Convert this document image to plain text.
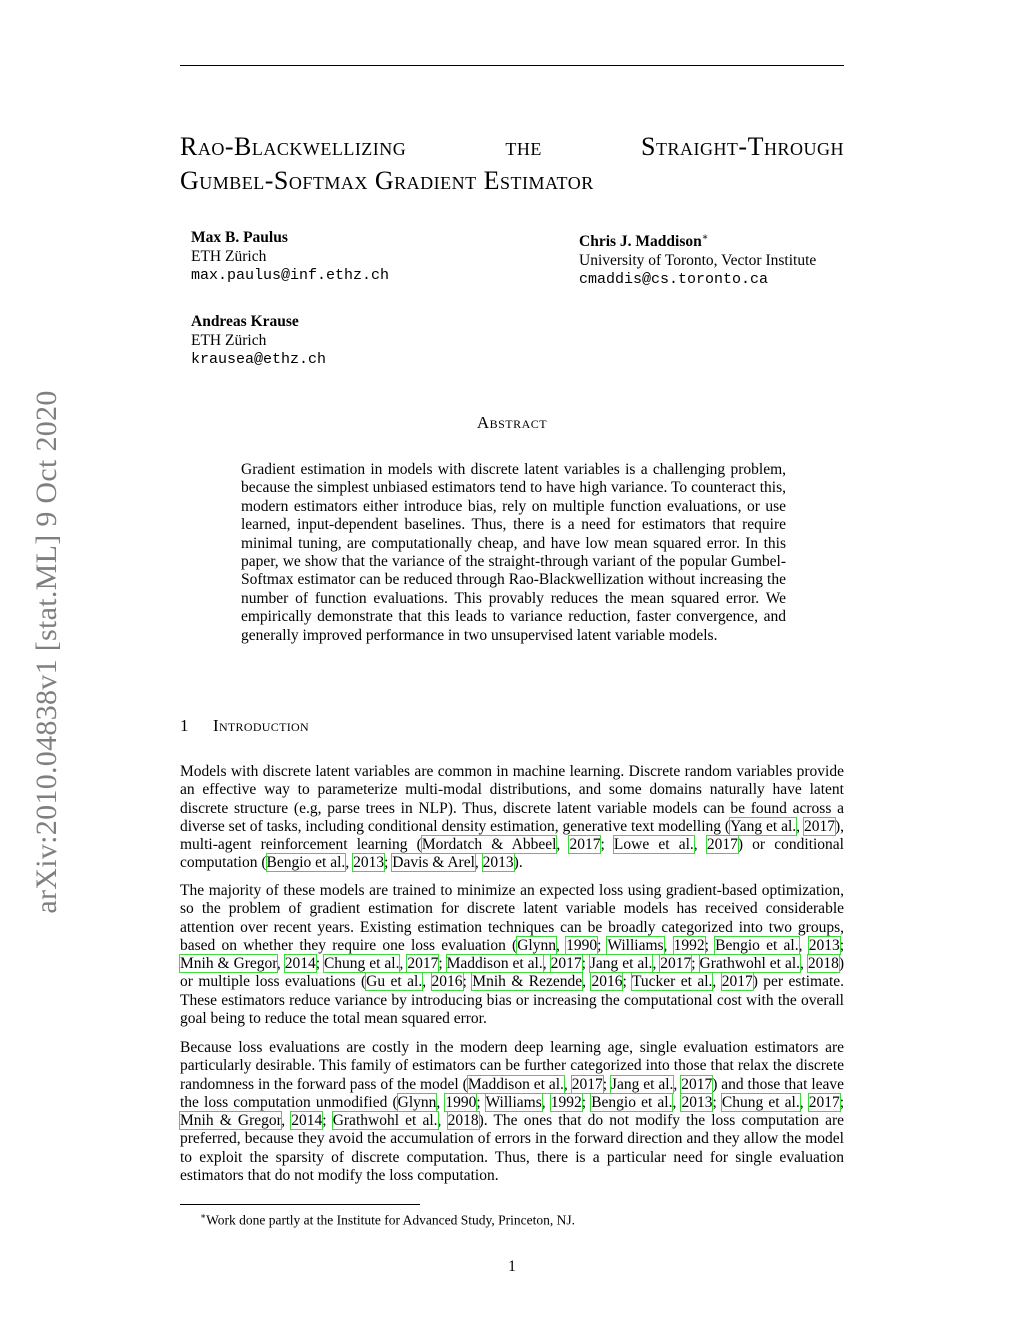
arXiv:2010.04838v1 [stat.ML] 9 Oct 2020
Rao-Blackwellizing	the	Straight-Through
Gumbel-Softmax Gradient Estimator
Max B. Paulus
ETH Zürich
max.paulus@inf.ethz.ch
Chris J. Maddison∗
University of Toronto, Vector Institute
cmaddis@cs.toronto.ca
Andreas Krause
ETH Zürich
krausea@ethz.ch
Abstract
Gradient estimation in models with discrete latent variables is a challenging problem, because the simplest unbiased estimators tend to have high variance. To counteract this, modern estimators either introduce bias, rely on multiple function evaluations, or use learned, input-dependent baselines. Thus, there is a need for estimators that require minimal tuning, are computationally cheap, and have low mean squared error. In this paper, we show that the variance of the straight-through variant of the popular Gumbel-Softmax estimator can be reduced through Rao-Blackwellization without increasing the number of function evaluations. This provably reduces the mean squared error. We empirically demonstrate that this leads to variance reduction, faster convergence, and generally improved performance in two unsupervised latent variable models.
1 Introduction
Models with discrete latent variables are common in machine learning. Discrete random variables provide an effective way to parameterize multi-modal distributions, and some domains naturally have latent discrete structure (e.g, parse trees in NLP). Thus, discrete latent variable models can be found across a diverse set of tasks, including conditional density estimation, generative text modelling (Yang et al., 2017), multi-agent reinforcement learning (Mordatch & Abbeel, 2017; Lowe et al., 2017) or conditional computation (Bengio et al., 2013; Davis & Arel, 2013).
The majority of these models are trained to minimize an expected loss using gradient-based optimization, so the problem of gradient estimation for discrete latent variable models has received considerable attention over recent years. Existing estimation techniques can be broadly categorized into two groups, based on whether they require one loss evaluation (Glynn, 1990; Williams, 1992; Bengio et al., 2013; Mnih & Gregor, 2014; Chung et al., 2017; Maddison et al., 2017; Jang et al., 2017; Grathwohl et al., 2018) or multiple loss evaluations (Gu et al., 2016; Mnih & Rezende, 2016; Tucker et al., 2017) per estimate. These estimators reduce variance by introducing bias or increasing the computational cost with the overall goal being to reduce the total mean squared error.
Because loss evaluations are costly in the modern deep learning age, single evaluation estimators are particularly desirable. This family of estimators can be further categorized into those that relax the discrete randomness in the forward pass of the model (Maddison et al., 2017; Jang et al., 2017) and those that leave the loss computation unmodified (Glynn, 1990; Williams, 1992; Bengio et al., 2013; Chung et al., 2017; Mnih & Gregor, 2014; Grathwohl et al., 2018). The ones that do not modify the loss computation are preferred, because they avoid the accumulation of errors in the forward direction and they allow the model to exploit the sparsity of discrete computation. Thus, there is a particular need for single evaluation estimators that do not modify the loss computation.
∗Work done partly at the Institute for Advanced Study, Princeton, NJ.
1
